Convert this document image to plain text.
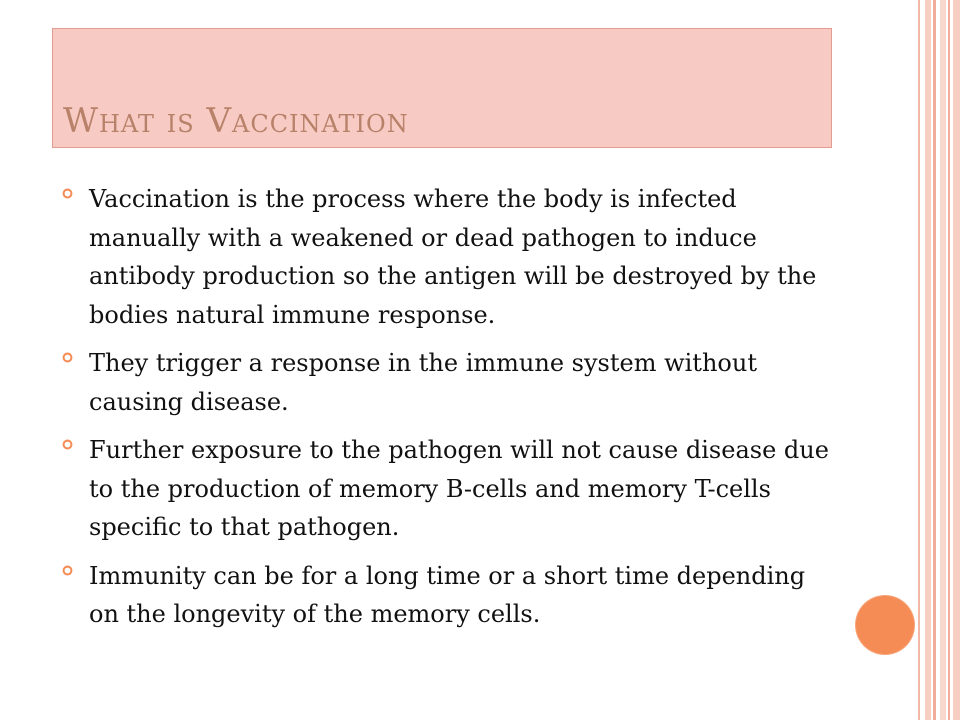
What is Vaccination
Vaccination is the process where the body is infected manually with a weakened or dead pathogen to induce antibody production so the antigen will be destroyed by the bodies natural immune response.
They trigger a response in the immune system without causing disease.
Further exposure to the pathogen will not cause disease due to the production of memory B-cells and memory T-cells specific to that pathogen.
Immunity can be for a long time or a short time depending on the longevity of the memory cells.
